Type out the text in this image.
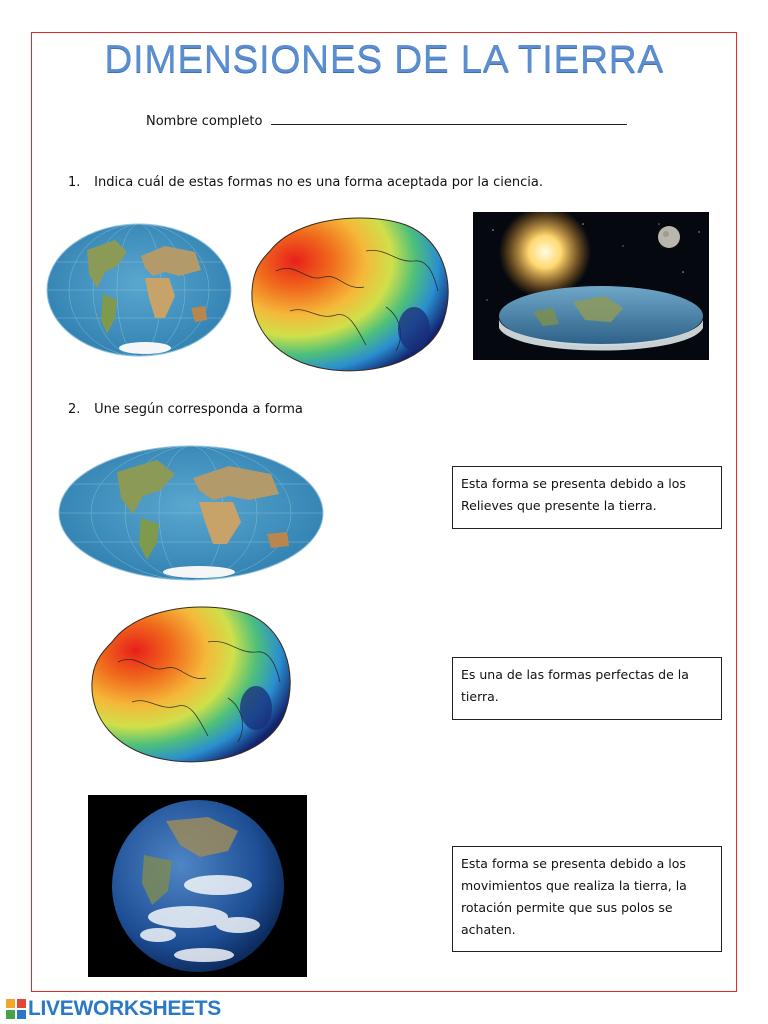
DIMENSIONES DE LA TIERRA
Nombre completo
1. Indica cuál de estas formas no es una forma aceptada por la ciencia.
2. Une según corresponda a forma
Esta forma se presenta debido a los Relieves que presente la tierra.
Es una de las formas perfectas de la tierra.
Esta forma se presenta debido a los movimientos que realiza la tierra, la rotación permite que sus polos se achaten.
LIVEWORKSHEETS
